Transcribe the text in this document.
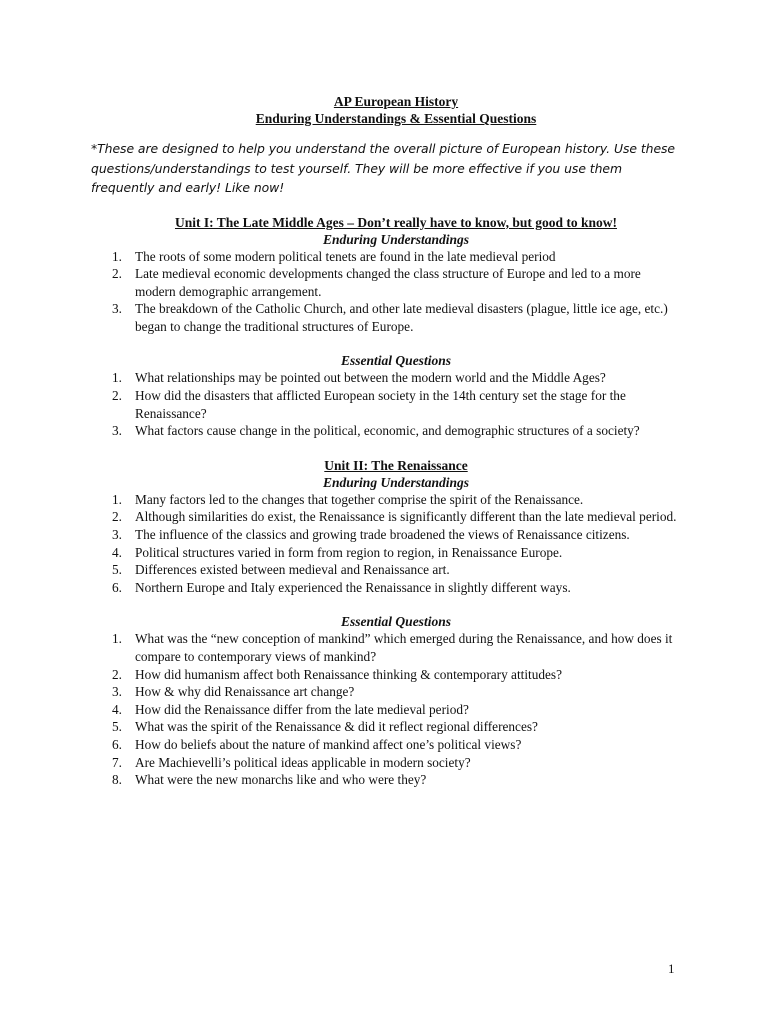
AP European History

Enduring Understandings & Essential Questions

*These are designed to help you understand the overall picture of European history. Use these questions/understandings to test yourself. They will be more effective if you use them frequently and early! Like now!

Unit I: The Late Middle Ages – Don’t really have to know, but good to know!

Enduring Understandings

1. The roots of some modern political tenets are found in the late medieval period
2. Late medieval economic developments changed the class structure of Europe and led to a more modern demographic arrangement.
3. The breakdown of the Catholic Church, and other late medieval disasters (plague, little ice age, etc.) began to change the traditional structures of Europe.

Essential Questions

1. What relationships may be pointed out between the modern world and the Middle Ages?
2. How did the disasters that afflicted European society in the 14th century set the stage for the Renaissance?
3. What factors cause change in the political, economic, and demographic structures of a society?

Unit II: The Renaissance

Enduring Understandings

1. Many factors led to the changes that together comprise the spirit of the Renaissance.
2. Although similarities do exist, the Renaissance is significantly different than the late medieval period.
3. The influence of the classics and growing trade broadened the views of Renaissance citizens.
4. Political structures varied in form from region to region, in Renaissance Europe.
5. Differences existed between medieval and Renaissance art.
6. Northern Europe and Italy experienced the Renaissance in slightly different ways.

Essential Questions

1. What was the “new conception of mankind” which emerged during the Renaissance, and how does it compare to contemporary views of mankind?
2. How did humanism affect both Renaissance thinking & contemporary attitudes?
3. How & why did Renaissance art change?
4. How did the Renaissance differ from the late medieval period?
5. What was the spirit of the Renaissance & did it reflect regional differences?
6. How do beliefs about the nature of mankind affect one’s political views?
7. Are Machievelli’s political ideas applicable in modern society?
8. What were the new monarchs like and who were they?
1
